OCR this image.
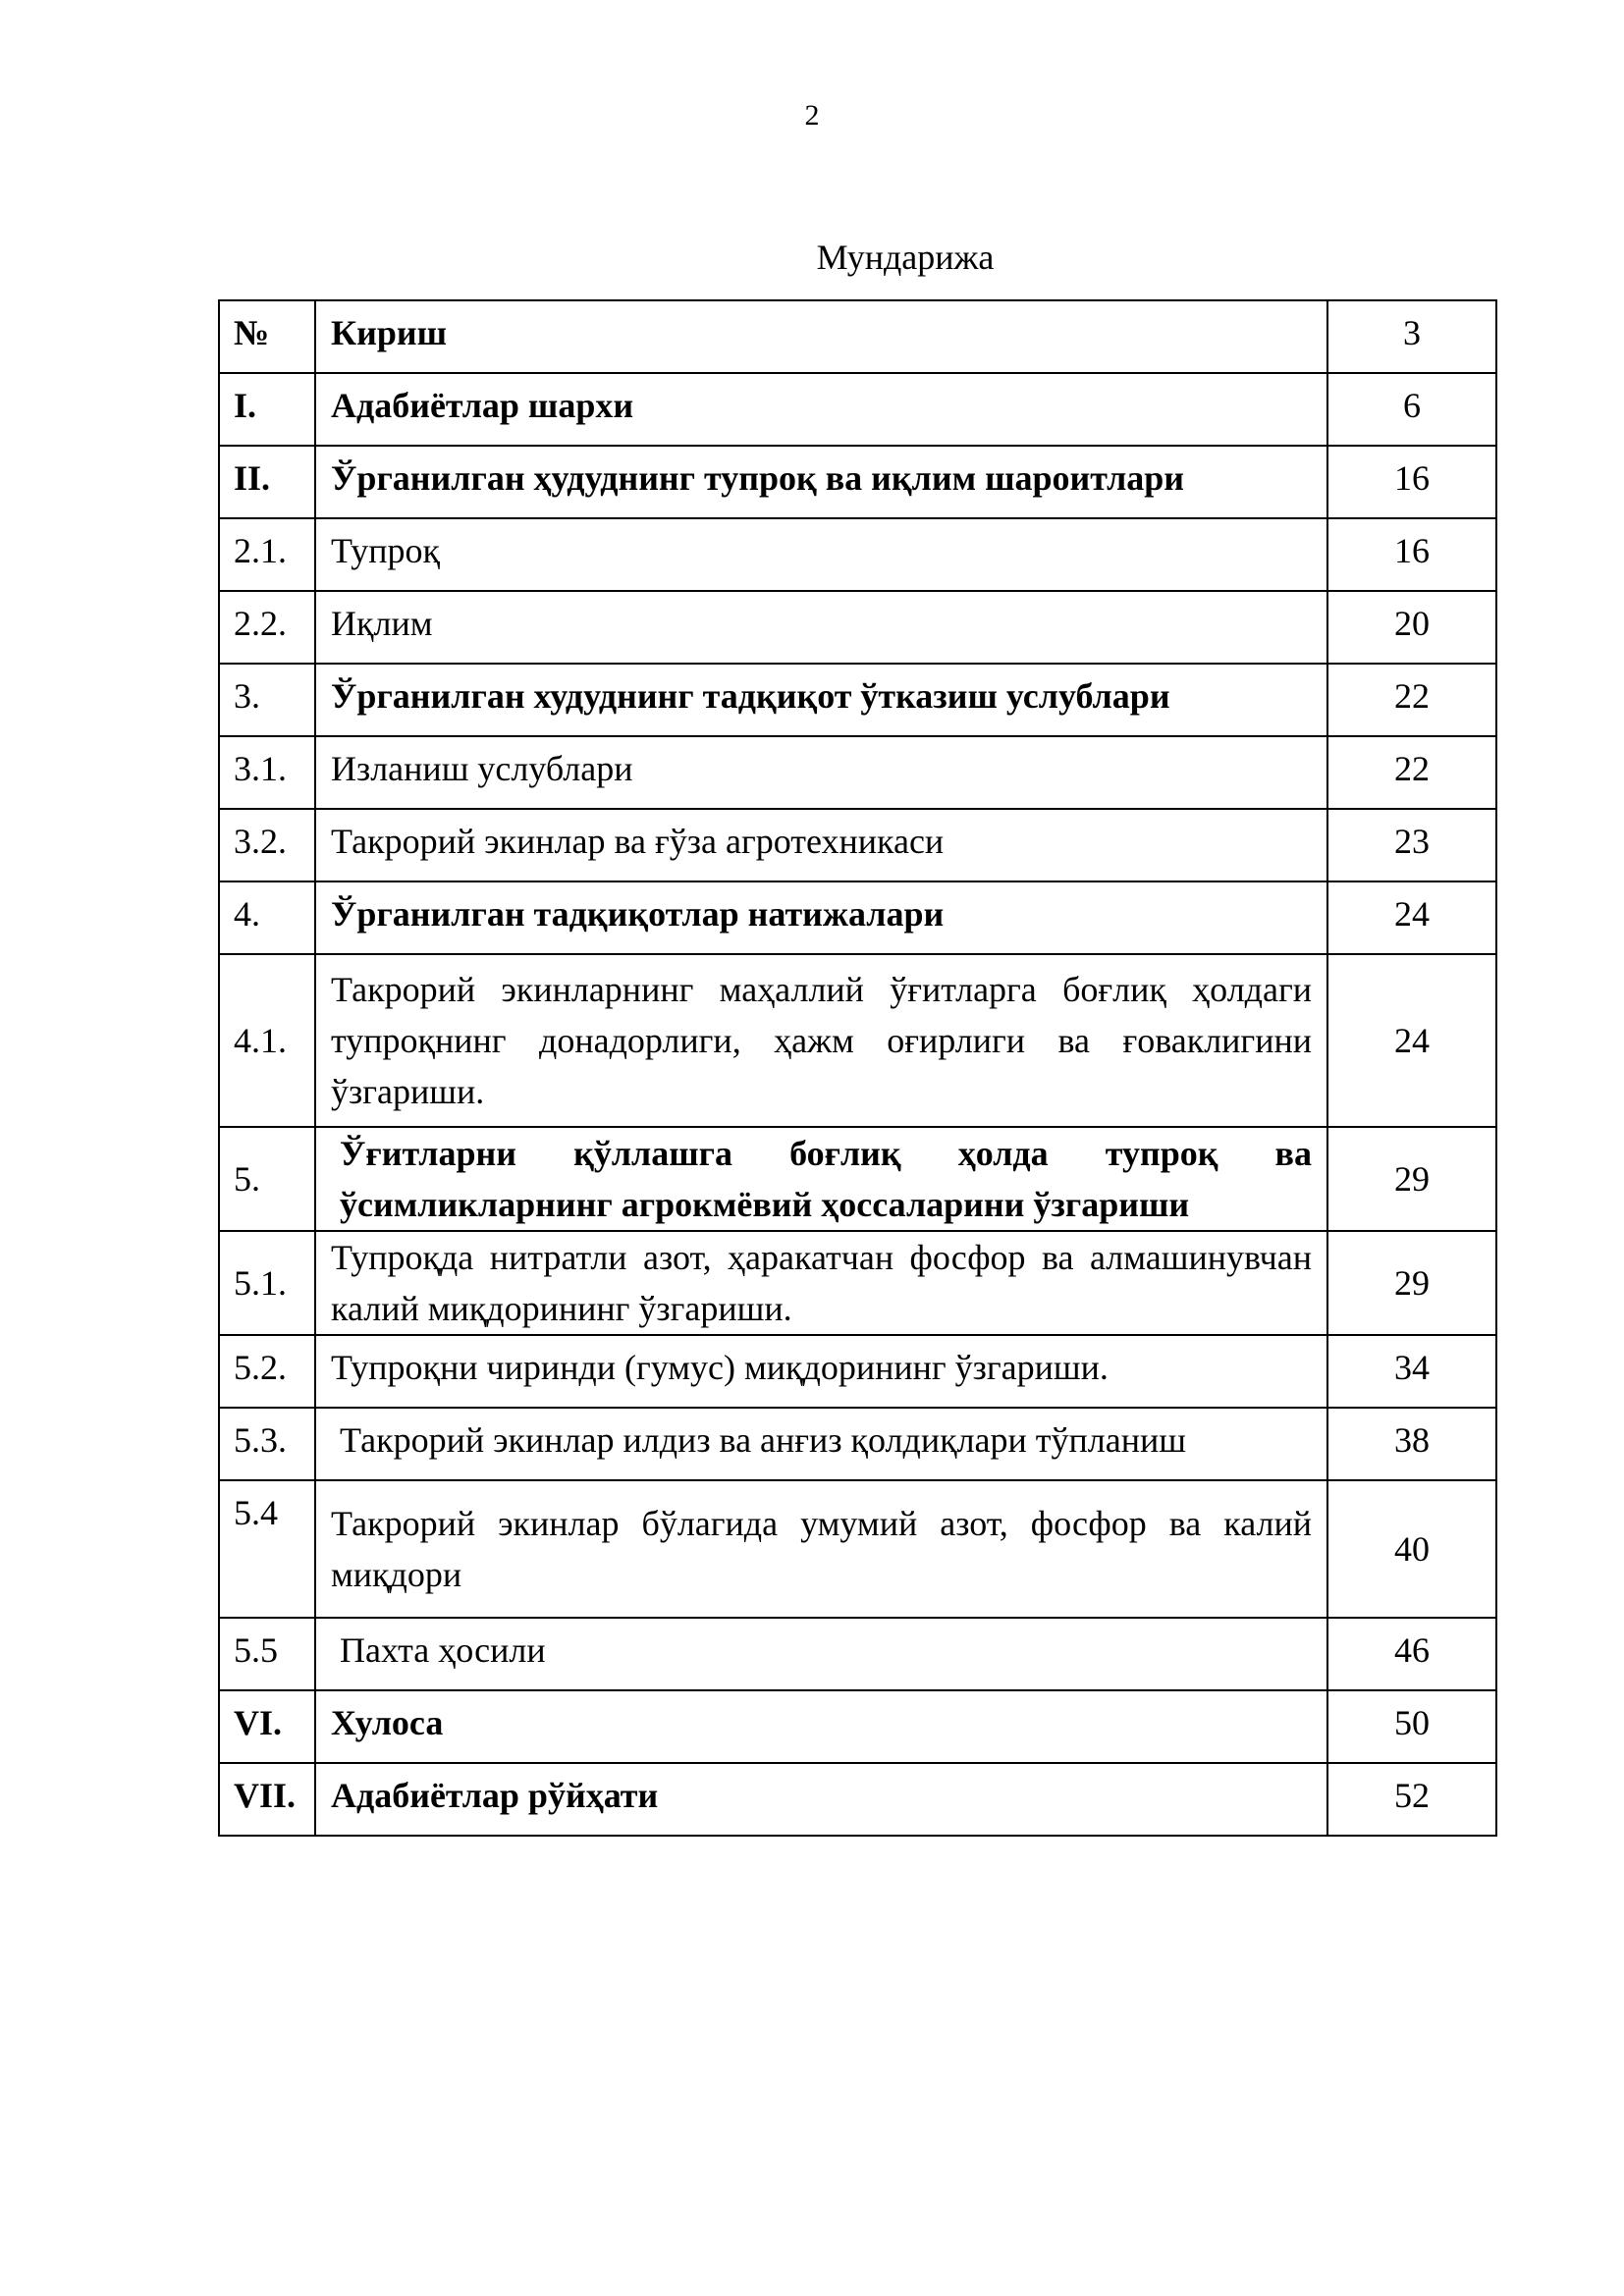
2
Мундарижа
№	Кириш	3
I.	Адабиётлар шархи	6
II.	Ўрганилган ҳудуднинг тупроқ ва иқлим шароитлари	16
2.1.	Тупроқ	16
2.2.	Иқлим	20
3.	Ўрганилган худуднинг тадқиқот ўтказиш услублари	22
3.1.	Изланиш услублари	22
3.2.	Такрорий экинлар ва ғўза агротехникаси	23
4.	Ўрганилган тадқиқотлар натижалари	24
4.1.	Такрорий экинларнинг маҳаллий ўғитларга боғлиқ ҳолдаги тупроқнинг донадорлиги, ҳажм оғирлиги ва ғоваклигини ўзгариши.	24
5.	Ўғитларни қўллашга боғлиқ ҳолда тупроқ ва ўсимликларнинг агрокмёвий ҳоссаларини ўзгариши	29
5.1.	Тупроқда нитратли азот, ҳаракатчан фосфор ва алмашинувчан калий миқдорининг ўзгариши.	29
5.2.	Тупроқни чиринди (гумус) миқдорининг ўзгариши.	34
5.3.	Такрорий экинлар илдиз ва анғиз қолдиқлари тўпланиш	38
5.4	Такрорий экинлар бўлагида умумий азот, фосфор ва калий миқдори	40
5.5	Пахта ҳосили	46
VI.	Хулоса	50
VII.	Адабиётлар рўйҳати	52
